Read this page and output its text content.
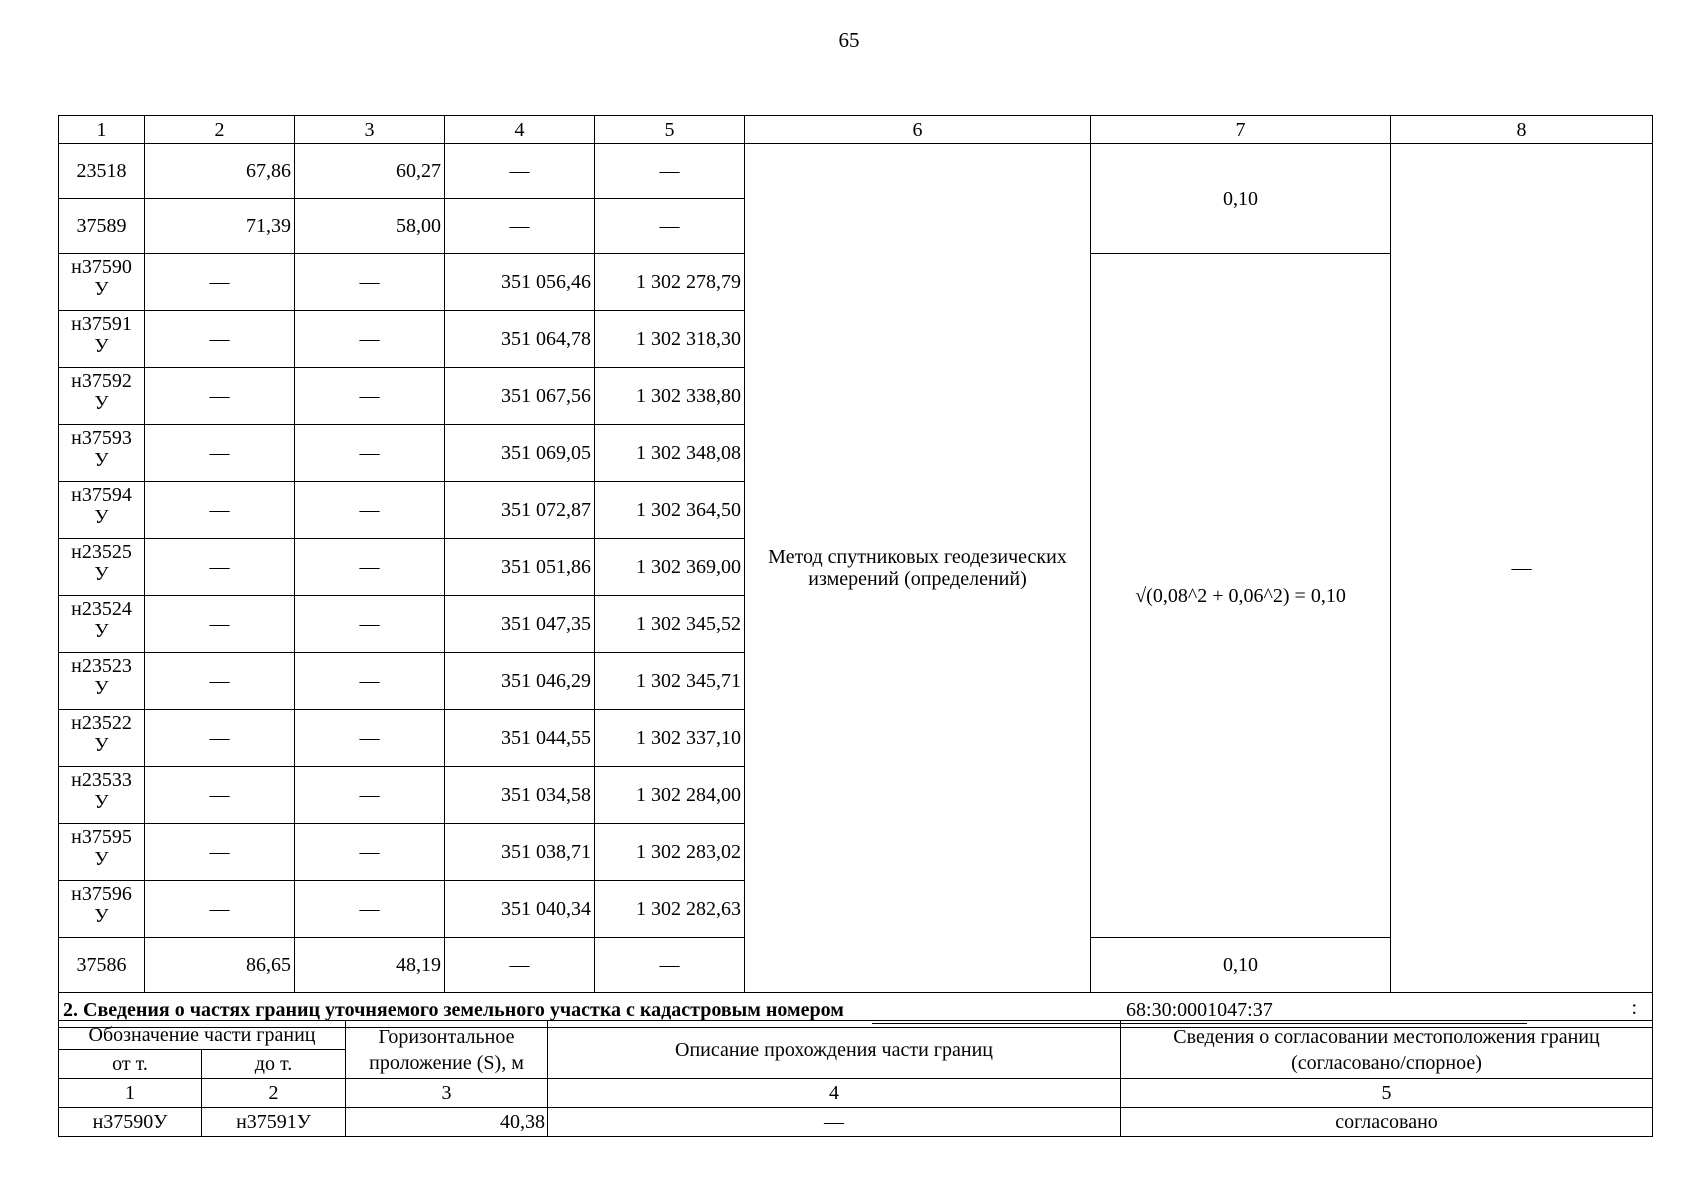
65
1	2	3	4	5	6	7	8

23518	67,86	60,27	—	—	Метод спутниковых геодезических измерений (определений)	0,10	—

37589	71,39	58,00	—	—			

н37590
У	—	—	351 056,46	1 302 278,79		√(0,08^2 + 0,06^2) = 0,10	

н37591
У	—	—	351 064,78	1 302 318,30			

н37592
У	—	—	351 067,56	1 302 338,80			

н37593
У	—	—	351 069,05	1 302 348,08			

н37594
У	—	—	351 072,87	1 302 364,50			

н23525
У	—	—	351 051,86	1 302 369,00			

н23524
У	—	—	351 047,35	1 302 345,52			

н23523
У	—	—	351 046,29	1 302 345,71			

н23522
У	—	—	351 044,55	1 302 337,10			

н23533
У	—	—	351 034,58	1 302 284,00			

н37595
У	—	—	351 038,71	1 302 283,02			

н37596
У	—	—	351 040,34	1 302 282,63			

37586	86,65	48,19	—	—		0,10	
2. Сведения о частях границ уточняемого земельного участка с кадастровым номером 68:30:0001047:37 :							
Обозначение части границ		Горизонтальное проложение (S), м	Описание прохождения части границ	Сведения о согласовании местоположения границ (согласовано/спорное)
от т.	до т.			
1	2	3	4	5
н37590У	н37591У	40,38	—	согласовано
